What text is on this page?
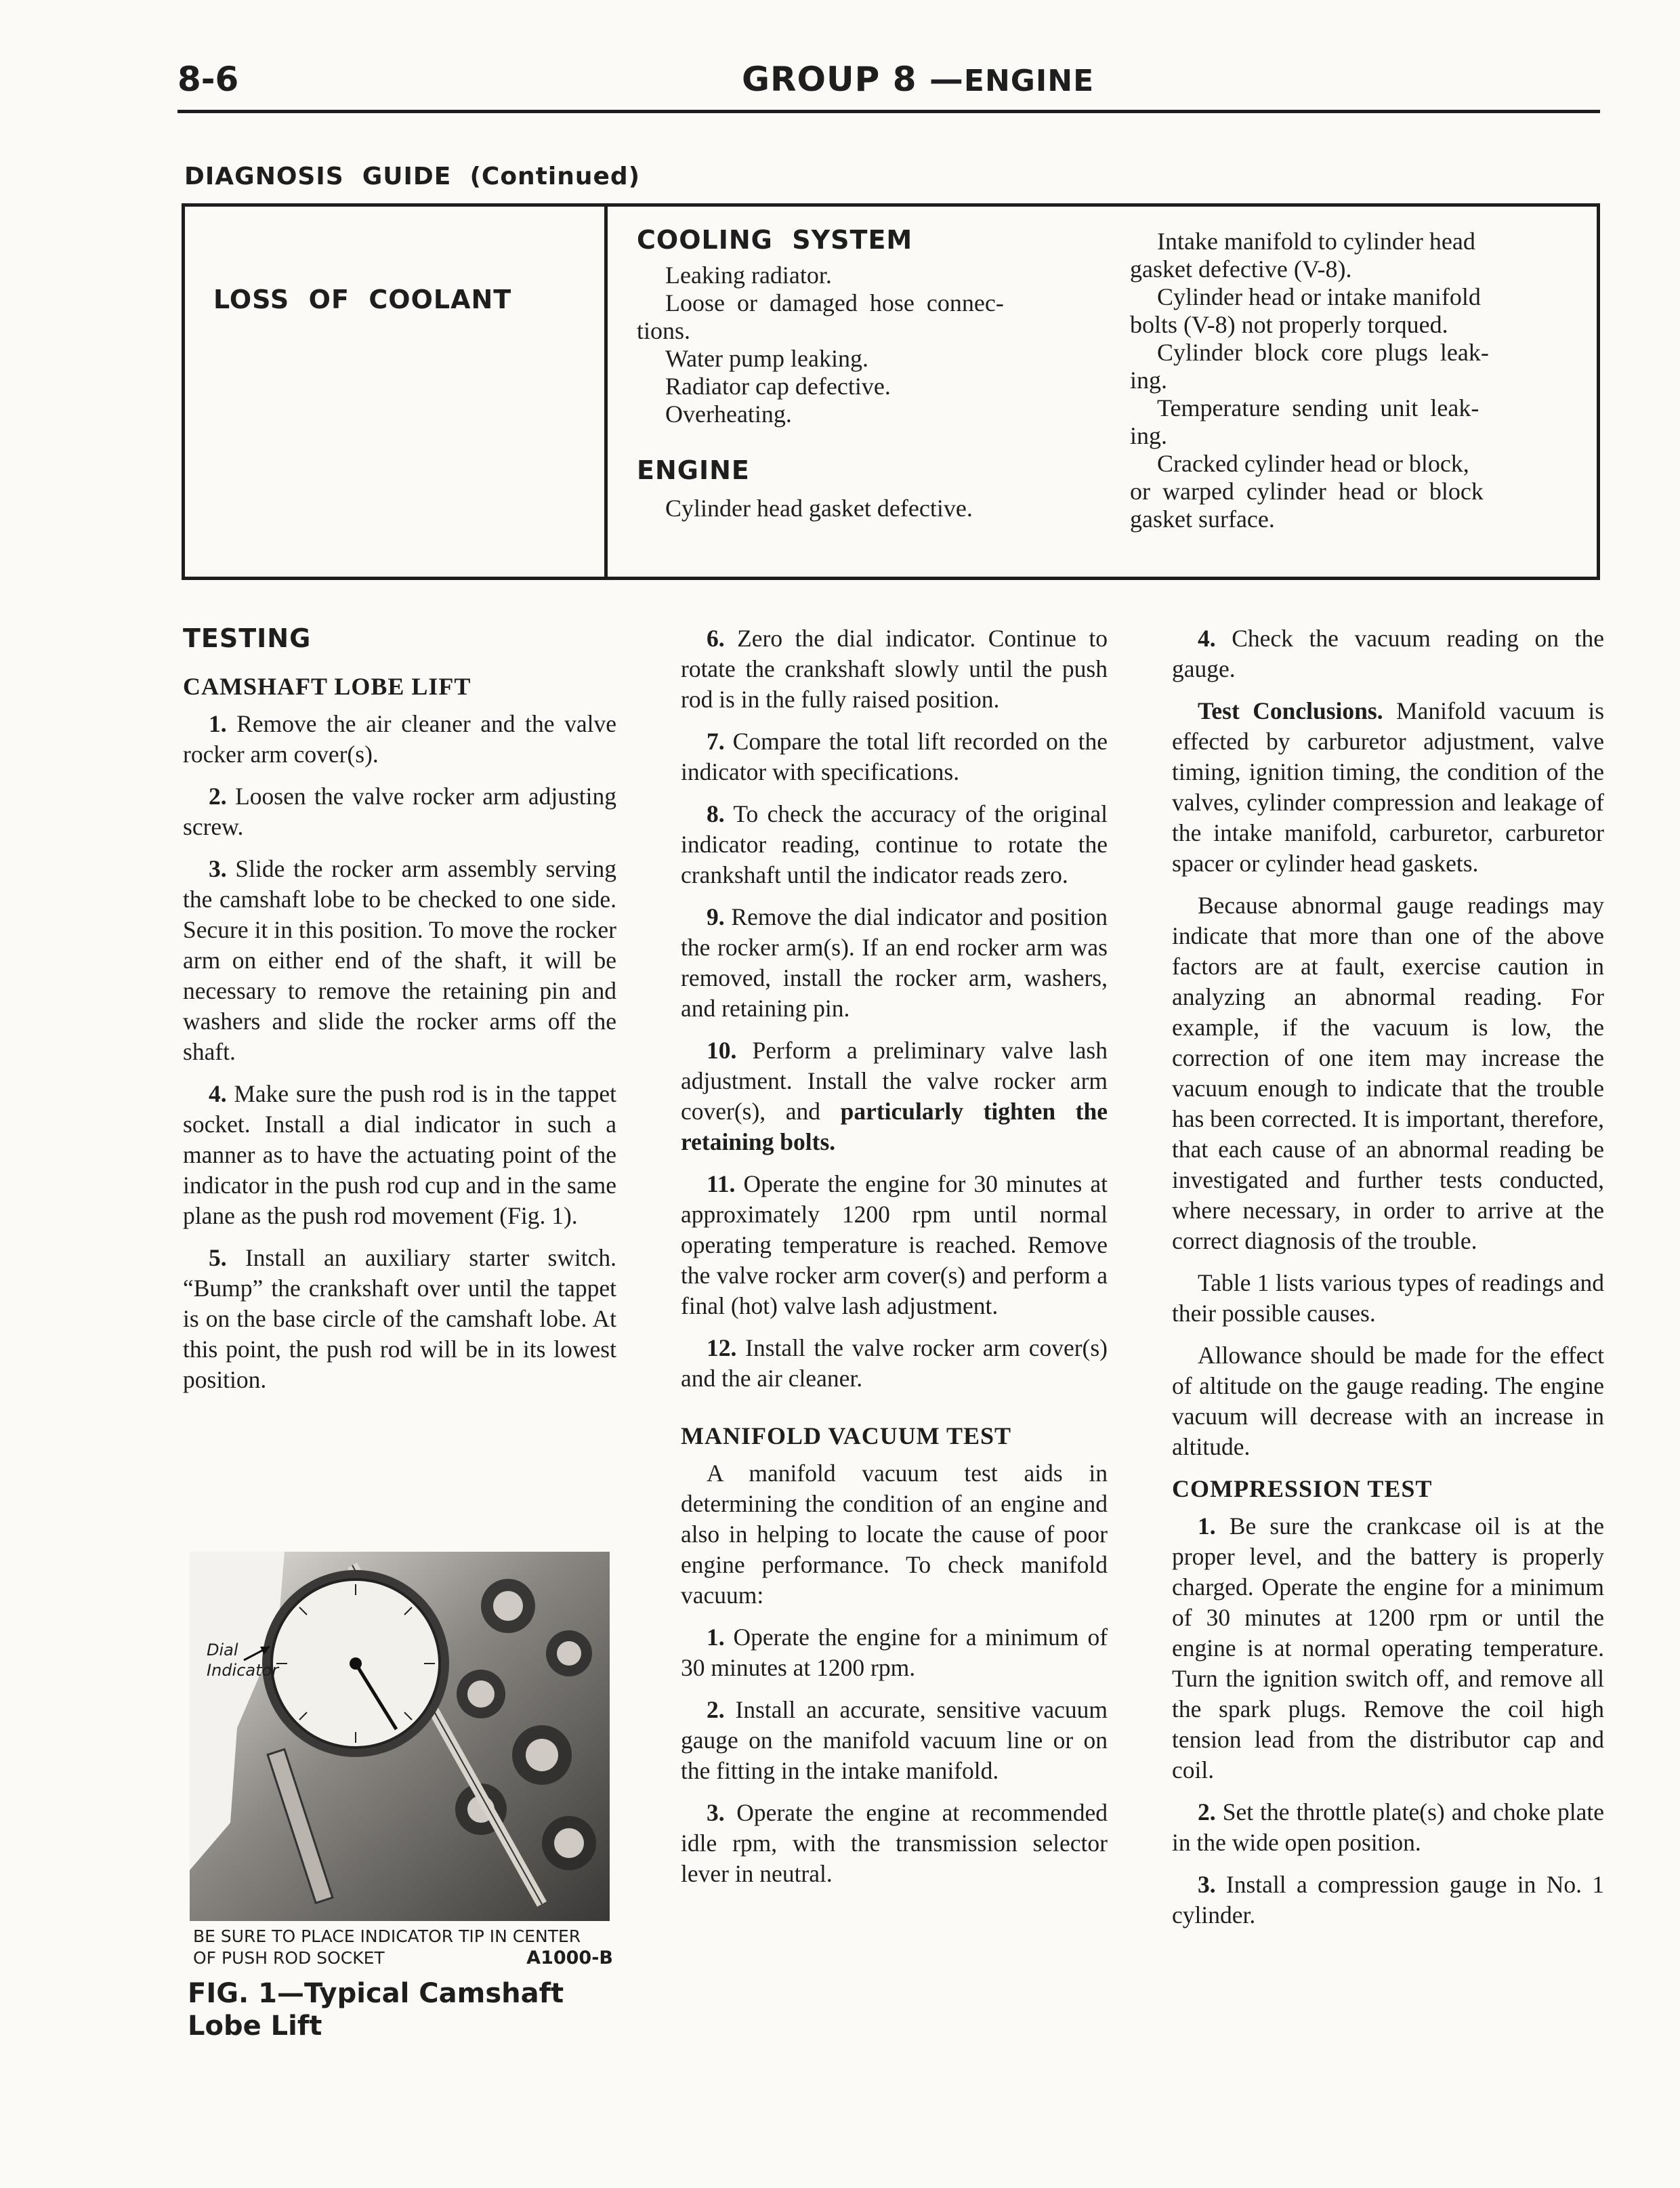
8-6	GROUP 8 —ENGINE
DIAGNOSIS  GUIDE  (Continued)
LOSS  OF  COOLANT
COOLING  SYSTEM
Leaking radiator.
Loose  or  damaged  hose  connec-
tions.
Water pump leaking.
Radiator cap defective.
Overheating.
ENGINE
Cylinder head gasket defective.
Intake manifold to cylinder head
gasket defective (V-8).
Cylinder head or intake manifold
bolts (V-8) not properly torqued.
Cylinder  block  core  plugs  leak-
ing.
Temperature  sending  unit  leak-
ing.
Cracked cylinder head or block,
or  warped  cylinder  head  or  block
gasket surface.
TESTING
CAMSHAFT LOBE LIFT

1. Remove the air cleaner and the valve rocker arm cover(s).

2. Loosen the valve rocker arm adjusting screw.

3. Slide the rocker arm assembly serving the camshaft lobe to be checked to one side. Secure it in this position. To move the rocker arm on either end of the shaft, it will be necessary to remove the retaining pin and washers and slide the rocker arms off the shaft.

4. Make sure the push rod is in the tappet socket. Install a dial indicator in such a manner as to have the actuating point of the indicator in the push rod cup and in the same plane as the push rod movement (Fig. 1).

5. Install an auxiliary starter switch. “Bump” the crankshaft over until the tappet is on the base circle of the camshaft lobe. At this point, the push rod will be in its lowest position.

Dial
Indicator
BE SURE TO PLACE INDICATOR TIP IN CENTER
OF PUSH ROD SOCKET	A1000-B
FIG. 1—Typical Camshaft Lobe Lift

6. Zero the dial indicator. Continue to rotate the crankshaft slowly until the push rod is in the fully raised position.

7. Compare the total lift recorded on the indicator with specifications.

8. To check the accuracy of the original indicator reading, continue to rotate the crankshaft until the indicator reads zero.

9. Remove the dial indicator and position the rocker arm(s). If an end rocker arm was removed, install the rocker arm, washers, and retaining pin.

10. Perform a preliminary valve lash adjustment. Install the valve rocker arm cover(s), and particularly tighten the retaining bolts.

11. Operate the engine for 30 minutes at approximately 1200 rpm until normal operating temperature is reached. Remove the valve rocker arm cover(s) and perform a final (hot) valve lash adjustment.

12. Install the valve rocker arm cover(s) and the air cleaner.

MANIFOLD VACUUM TEST

A manifold vacuum test aids in determining the condition of an engine and also in helping to locate the cause of poor engine performance. To check manifold vacuum:

1. Operate the engine for a minimum of 30 minutes at 1200 rpm.

2. Install an accurate, sensitive vacuum gauge on the manifold vacuum line or on the fitting in the intake manifold.

3. Operate the engine at recommended idle rpm, with the transmission selector lever in neutral.

4. Check the vacuum reading on the gauge.

Test Conclusions. Manifold vacuum is effected by carburetor adjustment, valve timing, ignition timing, the condition of the valves, cylinder compression and leakage of the intake manifold, carburetor, carburetor spacer or cylinder head gaskets.

Because abnormal gauge readings may indicate that more than one of the above factors are at fault, exercise caution in analyzing an abnormal reading. For example, if the vacuum is low, the correction of one item may increase the vacuum enough to indicate that the trouble has been corrected. It is important, therefore, that each cause of an abnormal reading be investigated and further tests conducted, where necessary, in order to arrive at the correct diagnosis of the trouble.

Table 1 lists various types of readings and their possible causes.

Allowance should be made for the effect of altitude on the gauge reading. The engine vacuum will decrease with an increase in altitude.

COMPRESSION TEST

1. Be sure the crankcase oil is at the proper level, and the battery is properly charged. Operate the engine for a minimum of 30 minutes at 1200 rpm or until the engine is at normal operating temperature. Turn the ignition switch off, and remove all the spark plugs. Remove the coil high tension lead from the distributor cap and coil.

2. Set the throttle plate(s) and choke plate in the wide open position.

3. Install a compression gauge in No. 1 cylinder.
